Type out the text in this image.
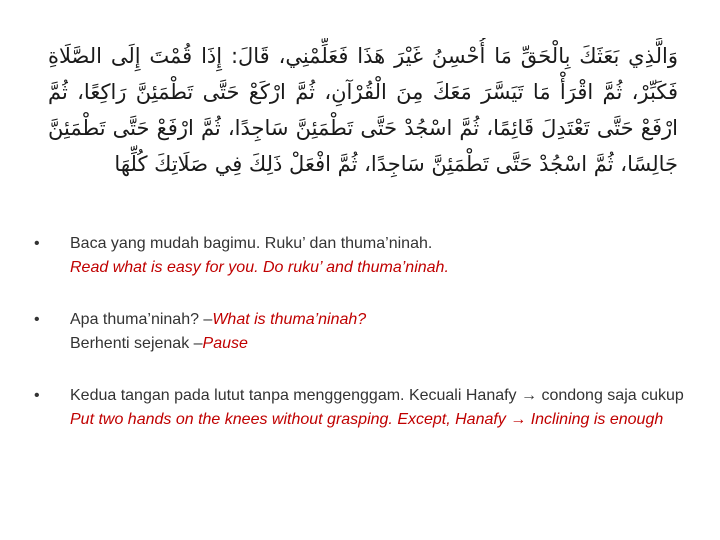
وَالَّذِي بَعَثَكَ بِالْحَقِّ مَا أُحْسِنُ غَيْرَ هَذَا فَعَلِّمْنِي، قَالَ: إِذَا قُمْتَ إِلَى الصَّلَاةِ فَكَبِّرْ، ثُمَّ اقْرَأْ مَا تَيَسَّرَ مَعَكَ مِنَ الْقُرْآنِ، ثُمَّ ارْكَعْ حَتَّى تَطْمَئِنَّ رَاكِعًا، ثُمَّ ارْفَعْ حَتَّى تَعْتَدِلَ قَائِمًا، ثُمَّ اسْجُدْ حَتَّى تَطْمَئِنَّ سَاجِدًا، ثُمَّ ارْفَعْ حَتَّى تَطْمَئِنَّ جَالِسًا، ثُمَّ اسْجُدْ حَتَّى تَطْمَئِنَّ سَاجِدًا، ثُمَّ افْعَلْ ذَلِكَ فِي صَلَاتِكَ كُلِّهَا
•	Baca yang mudah bagimu. Ruku’ dan thuma’ninah.
Read what is easy for you. Do ruku’ and thuma’ninah.
•	Apa thuma’ninah? –What is thuma’ninah?
Berhenti sejenak –Pause
•	Kedua tangan pada lutut tanpa menggenggam. Kecuali Hanafy → condong saja cukup
Put two hands on the knees without grasping. Except, Hanafy → Inclining is enough
